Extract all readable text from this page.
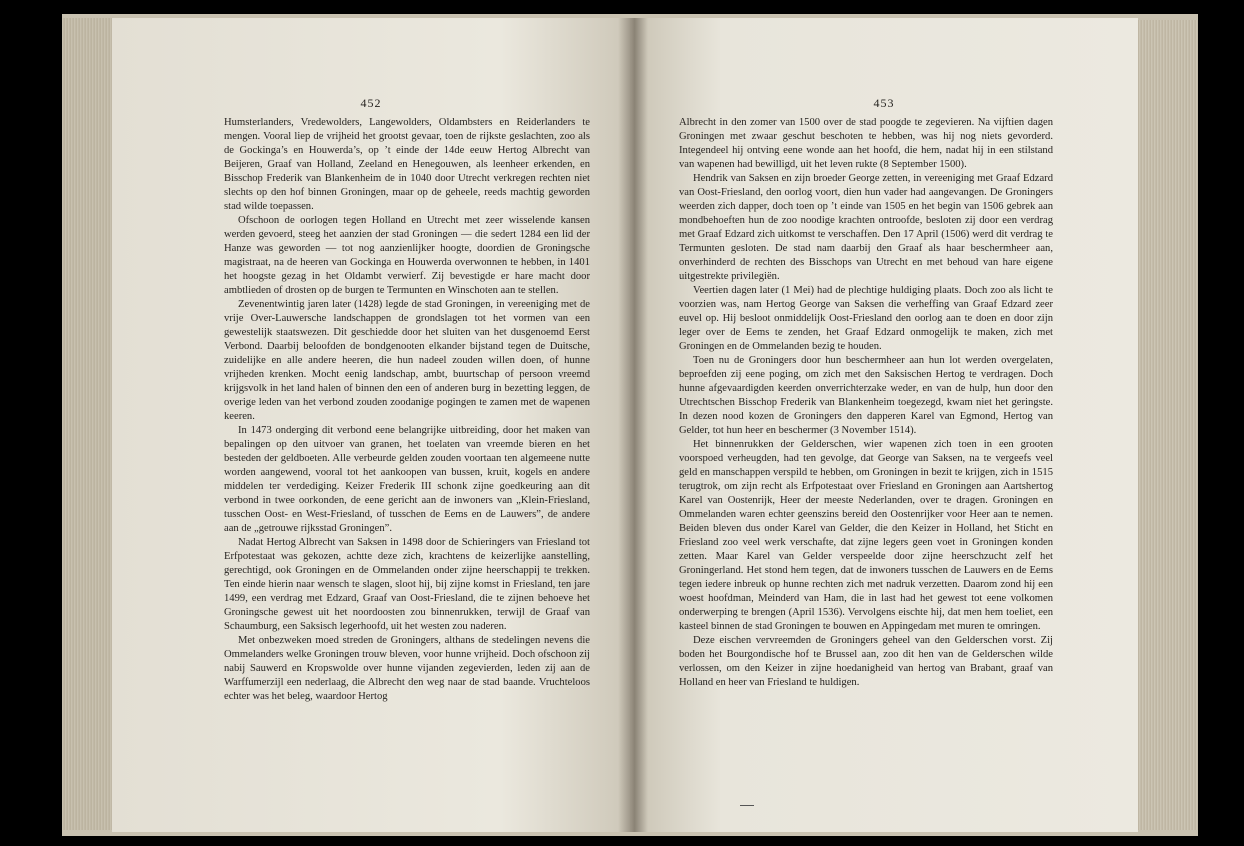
452

Humsterlanders, Vredewolders, Langewolders, Oldambsters en Reiderlanders te mengen. Vooral liep de vrijheid het grootst gevaar, toen de rijkste geslachten, zoo als de Gockinga’s en Houwerda’s, op ’t einde der 14de eeuw Hertog Albrecht van Beijeren, Graaf van Holland, Zeeland en Henegouwen, als leenheer erkenden, en Bisschop Frederik van Blankenheim de in 1040 door Utrecht verkregen rechten niet slechts op den hof binnen Groningen, maar op de geheele, reeds machtig geworden stad wilde toepassen.

Ofschoon de oorlogen tegen Holland en Utrecht met zeer wisselende kansen werden gevoerd, steeg het aanzien der stad Groningen — die sedert 1284 een lid der Hanze was geworden — tot nog aanzienlijker hoogte, doordien de Groningsche magistraat, na de heeren van Gockinga en Houwerda overwonnen te hebben, in 1401 het hoogste gezag in het Oldambt verwierf. Zij bevestigde er hare macht door ambtlieden of drosten op de burgen te Termunten en Winschoten aan te stellen.

Zevenentwintig jaren later (1428) legde de stad Groningen, in vereeniging met de vrije Over-Lauwersche landschappen de grondslagen tot het vormen van een gewestelijk staatswezen. Dit geschiedde door het sluiten van het dusgenoemd Eerst Verbond. Daarbij beloofden de bondgenooten elkander bijstand tegen de Duitsche, zuidelijke en alle andere heeren, die hun nadeel zouden willen doen, of hunne vrijheden krenken. Mocht eenig landschap, ambt, buurtschap of persoon vreemd krijgsvolk in het land halen of binnen den een of anderen burg in bezetting leggen, de overige leden van het verbond zouden zoodanige pogingen te zamen met de wapenen keeren.

In 1473 onderging dit verbond eene belangrijke uitbreiding, door het maken van bepalingen op den uitvoer van granen, het toelaten van vreemde bieren en het besteden der geldboeten. Alle verbeurde gelden zouden voortaan ten algemeene nutte worden aangewend, vooral tot het aankoopen van bussen, kruit, kogels en andere middelen ter verdediging. Keizer Frederik III schonk zijne goedkeuring aan dit verbond in twee oorkonden, de eene gericht aan de inwoners van „Klein-Friesland, tusschen Oost- en West-Friesland, of tusschen de Eems en de Lauwers”, de andere aan de „getrouwe rijksstad Groningen”.

Nadat Hertog Albrecht van Saksen in 1498 door de Schieringers van Friesland tot Erfpotestaat was gekozen, achtte deze zich, krachtens de keizerlijke aanstelling, gerechtigd, ook Groningen en de Ommelanden onder zijne heerschappij te trekken. Ten einde hierin naar wensch te slagen, sloot hij, bij zijne komst in Friesland, ten jare 1499, een verdrag met Edzard, Graaf van Oost-Friesland, die te zijnen behoeve het Groningsche gewest uit het noordoosten zou binnenrukken, terwijl de Graaf van Schaumburg, een Saksisch legerhoofd, uit het westen zou naderen.

Met onbezweken moed streden de Groningers, althans de stedelingen nevens die Ommelanders welke Groningen trouw bleven, voor hunne vrijheid. Doch ofschoon zij nabij Sauwerd en Kropswolde over hunne vijanden zegevierden, leden zij aan de Warffumerzijl een nederlaag, die Albrecht den weg naar de stad baande. Vruchteloos echter was het beleg, waardoor Hertog

453

Albrecht in den zomer van 1500 over de stad poogde te zegevieren. Na vijftien dagen Groningen met zwaar geschut beschoten te hebben, was hij nog niets gevorderd. Integendeel hij ontving eene wonde aan het hoofd, die hem, nadat hij in een stilstand van wapenen had bewilligd, uit het leven rukte (8 September 1500).

Hendrik van Saksen en zijn broeder George zetten, in vereeniging met Graaf Edzard van Oost-Friesland, den oorlog voort, dien hun vader had aangevangen. De Groningers weerden zich dapper, doch toen op ’t einde van 1505 en het begin van 1506 gebrek aan mondbehoeften hun de zoo noodige krachten ontroofde, besloten zij door een verdrag met Graaf Edzard zich uitkomst te verschaffen. Den 17 April (1506) werd dit verdrag te Termunten gesloten. De stad nam daarbij den Graaf als haar beschermheer aan, onverhinderd de rechten des Bisschops van Utrecht en met behoud van hare eigene uitgestrekte privilegiën.

Veertien dagen later (1 Mei) had de plechtige huldiging plaats. Doch zoo als licht te voorzien was, nam Hertog George van Saksen die verheffing van Graaf Edzard zeer euvel op. Hij besloot onmiddelijk Oost-Friesland den oorlog aan te doen en door zijn leger over de Eems te zenden, het Graaf Edzard onmogelijk te maken, zich met Groningen en de Ommelanden bezig te houden.

Toen nu de Groningers door hun beschermheer aan hun lot werden overgelaten, beproefden zij eene poging, om zich met den Saksischen Hertog te verdragen. Doch hunne afgevaardigden keerden onverrichterzake weder, en van de hulp, hun door den Utrechtschen Bisschop Frederik van Blankenheim toegezegd, kwam niet het geringste. In dezen nood kozen de Groningers den dapperen Karel van Egmond, Hertog van Gelder, tot hun heer en beschermer (3 November 1514).

Het binnenrukken der Gelderschen, wier wapenen zich toen in een grooten voorspoed verheugden, had ten gevolge, dat George van Saksen, na te vergeefs veel geld en manschappen verspild te hebben, om Groningen in bezit te krijgen, zich in 1515 terugtrok, om zijn recht als Erfpotestaat over Friesland en Groningen aan Aartshertog Karel van Oostenrijk, Heer der meeste Nederlanden, over te dragen. Groningen en Ommelanden waren echter geenszins bereid den Oostenrijker voor Heer aan te nemen. Beiden bleven dus onder Karel van Gelder, die den Keizer in Holland, het Sticht en Friesland zoo veel werk verschafte, dat zijne legers geen voet in Groningen konden zetten. Maar Karel van Gelder verspeelde door zijne heerschzucht zelf het Groningerland. Het stond hem tegen, dat de inwoners tusschen de Lauwers en de Eems tegen iedere inbreuk op hunne rechten zich met nadruk verzetten. Daarom zond hij een woest hoofdman, Meinderd van Ham, die in last had het gewest tot eene volkomen onderwerping te brengen (April 1536). Vervolgens eischte hij, dat men hem toeliet, een kasteel binnen de stad Groningen te bouwen en Appingedam met muren te omringen.

Deze eischen vervreemden de Groningers geheel van den Gelderschen vorst. Zij boden het Bourgondische hof te Brussel aan, zoo dit hen van de Gelderschen wilde verlossen, om den Keizer in zijne hoedanigheid van hertog van Brabant, graaf van Holland en heer van Friesland te huldigen.
